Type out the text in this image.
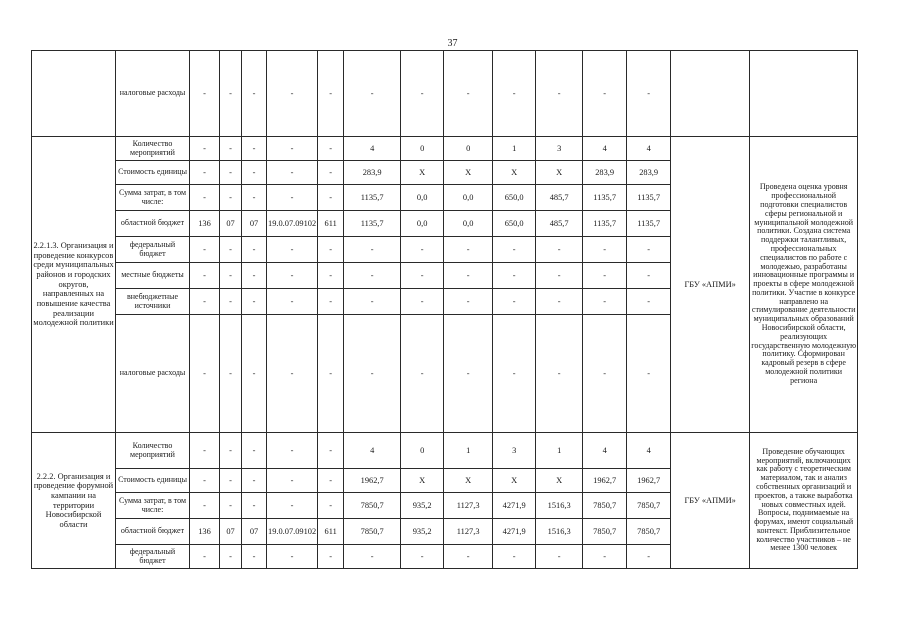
37
	налоговые расходы	-	-	-	-	-	-	-	-	-	-	-	-		
2.2.1.3. Организация и проведение конкурсов среди муниципальных районов и городских округов, направленных на повышение качества реализации молодежной политики	Количество мероприятий	-	-	-	-	-	4	0	0	1	3	4	4	ГБУ «АПМИ»	Проведена оценка уровня профессиональной подготовки специалистов сферы региональной и муниципальной молодежной политики. Создана система поддержки талантливых, профессиональных специалистов по работе с молодежью, разработаны инновационные программы и проекты в сфере молодежной политики. Участие в конкурсе направлено на стимулирование деятельности муниципальных образований Новосибирской области, реализующих государственную молодежную политику. Сформирован кадровый резерв в сфере молодежной политики региона
	Стоимость единицы	-	-	-	-	-	283,9	Х	Х	Х	Х	283,9	283,9		
	Сумма затрат, в том числе:	-	-	-	-	-	1135,7	0,0	0,0	650,0	485,7	1135,7	1135,7		
	областной бюджет	136	07	07	19.0.07.09102	611	1135,7	0,0	0,0	650,0	485,7	1135,7	1135,7		
	федеральный бюджет	-	-	-	-	-	-	-	-	-	-	-	-		
	местные бюджеты	-	-	-	-	-	-	-	-	-	-	-	-		
	внебюджетные источники	-	-	-	-	-	-	-	-	-	-	-	-		
	налоговые расходы	-	-	-	-	-	-	-	-	-	-	-	-		
2.2.2. Организация и проведение форумной кампании на территории Новосибирской области	Количество мероприятий	-	-	-	-	-	4	0	1	3	1	4	4	ГБУ «АПМИ»	Проведение обучающих мероприятий, включающих как работу с теоретическим материалом, так и анализ собственных организаций и проектов, а также выработка новых совместных идей. Вопросы, поднимаемые на форумах, имеют социальный контекст. Приблизительное количество участников – не менее 1300 человек
	Стоимость единицы	-	-	-	-	-	1962,7	Х	Х	Х	Х	1962,7	1962,7		
	Сумма затрат, в том числе:	-	-	-	-	-	7850,7	935,2	1127,3	4271,9	1516,3	7850,7	7850,7		
	областной бюджет	136	07	07	19.0.07.09102	611	7850,7	935,2	1127,3	4271,9	1516,3	7850,7	7850,7		
	федеральный бюджет	-	-	-	-	-	-	-	-	-	-	-	-		
